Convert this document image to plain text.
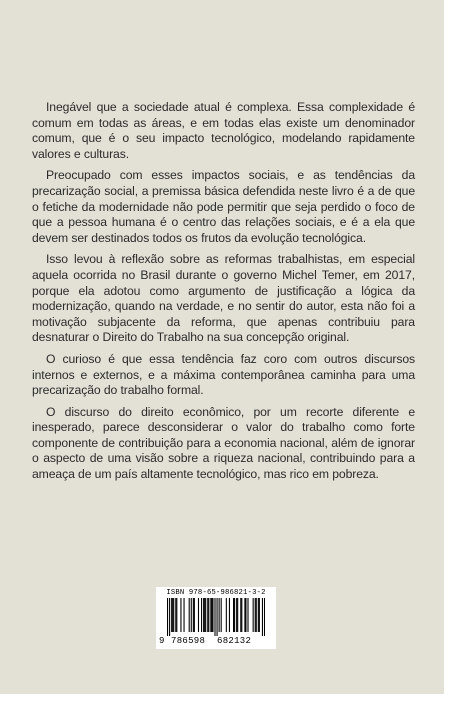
Inegável que a sociedade atual é complexa. Essa complexidade é comum em todas as áreas, e em todas elas existe um denominador comum, que é o seu impacto tecnológico, modelando rapidamente valores e culturas.

Preocupado com esses impactos sociais, e as tendências da precarização social, a premissa básica defendida neste livro é a de que o fetiche da modernidade não pode permitir que seja perdido o foco de que a pessoa humana é o centro das relações sociais, e é a ela que devem ser destinados todos os frutos da evolução tecnológica.

Isso levou à reflexão sobre as reformas trabalhistas, em especial aquela ocorrida no Brasil durante o governo Michel Temer, em 2017, porque ela adotou como argumento de justificação a lógica da modernização, quando na verdade, e no sentir do autor, esta não foi a motivação subjacente da reforma, que apenas contribuiu para desnaturar o Direito do Trabalho na sua concepção original.

O curioso é que essa tendência faz coro com outros discursos internos e externos, e a máxima contemporânea caminha para uma precarização do trabalho formal.

O discurso do direito econômico, por um recorte diferente e inesperado, parece desconsiderar o valor do trabalho como forte componente de contribuição para a economia nacional, além de ignorar o aspecto de uma visão sobre a riqueza nacional, contribuindo para a ameaça de um país altamente tecnológico, mas rico em pobreza.

ISBN 978-65-986821-3-2
9 786598 682132
